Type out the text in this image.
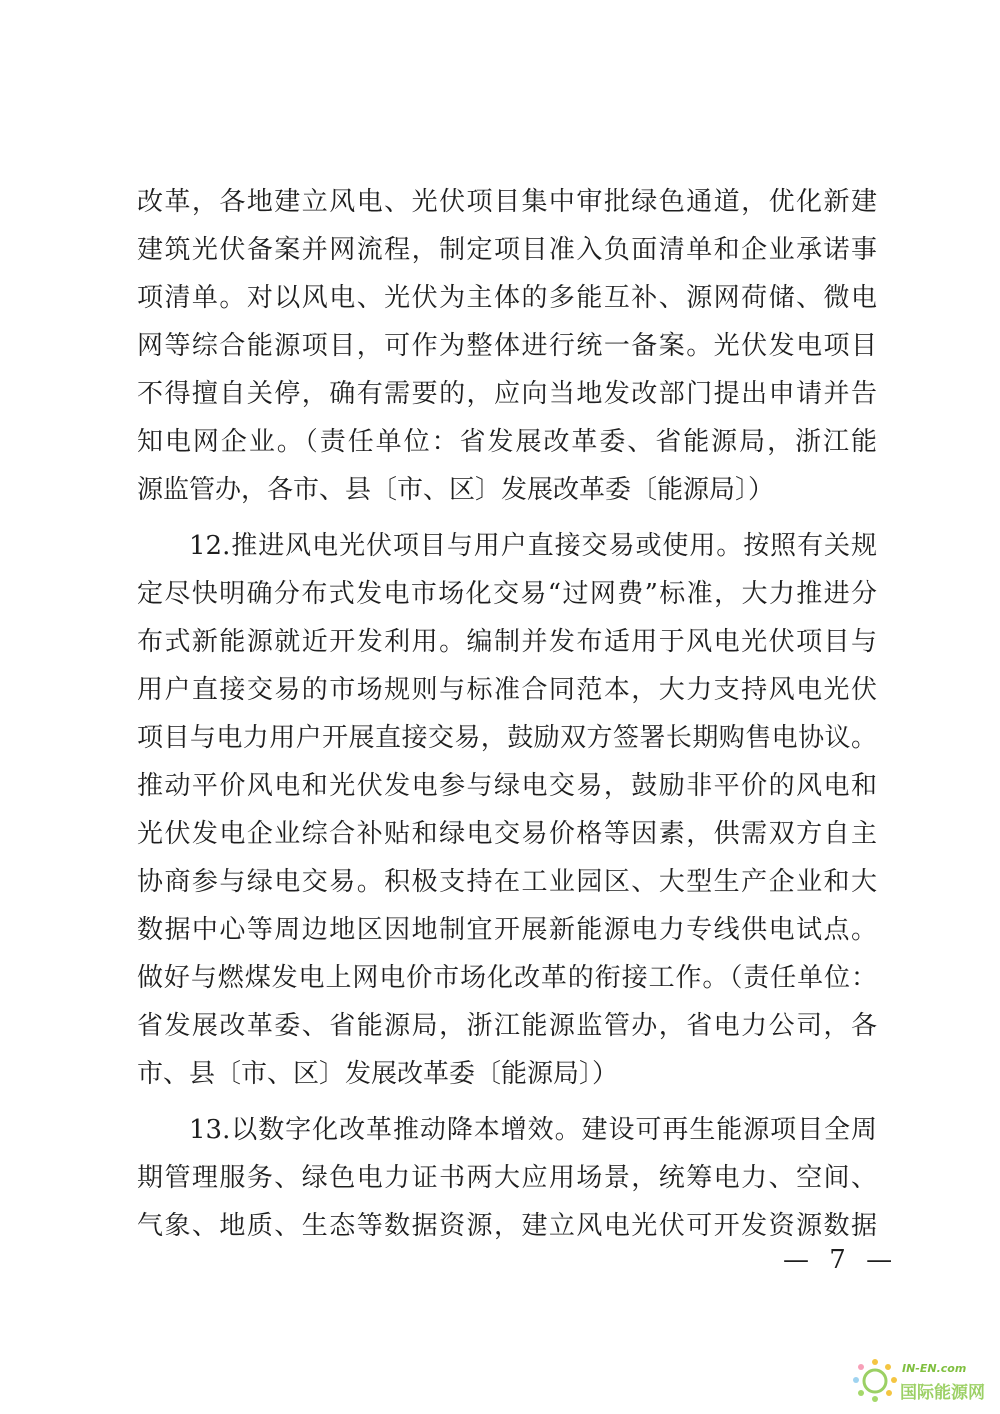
改革，各地建立风电、光伏项目集中审批绿色通道，优化新建
建筑光伏备案并网流程，制定项目准入负面清单和企业承诺事
项清单。对以风电、光伏为主体的多能互补、源网荷储、微电
网等综合能源项目，可作为整体进行统一备案。光伏发电项目
不得擅自关停，确有需要的，应向当地发改部门提出申请并告
知电网企业。（责任单位：省发展改革委、省能源局，浙江能
源监管办，各市、县〔市、区〕发展改革委〔能源局〕）
12.推进风电光伏项目与用户直接交易或使用。按照有关规
定尽快明确分布式发电市场化交易“过网费”标准，大力推进分
布式新能源就近开发利用。编制并发布适用于风电光伏项目与
用户直接交易的市场规则与标准合同范本，大力支持风电光伏
项目与电力用户开展直接交易，鼓励双方签署长期购售电协议。
推动平价风电和光伏发电参与绿电交易，鼓励非平价的风电和
光伏发电企业综合补贴和绿电交易价格等因素，供需双方自主
协商参与绿电交易。积极支持在工业园区、大型生产企业和大
数据中心等周边地区因地制宜开展新能源电力专线供电试点。
做好与燃煤发电上网电价市场化改革的衔接工作。（责任单位：
省发展改革委、省能源局，浙江能源监管办，省电力公司，各
市、县〔市、区〕发展改革委〔能源局〕）
13.以数字化改革推动降本增效。建设可再生能源项目全周
期管理服务、绿色电力证书两大应用场景，统筹电力、空间、
气象、地质、生态等数据资源，建立风电光伏可开发资源数据
— 7 —
IN-EN.com
国际能源网
